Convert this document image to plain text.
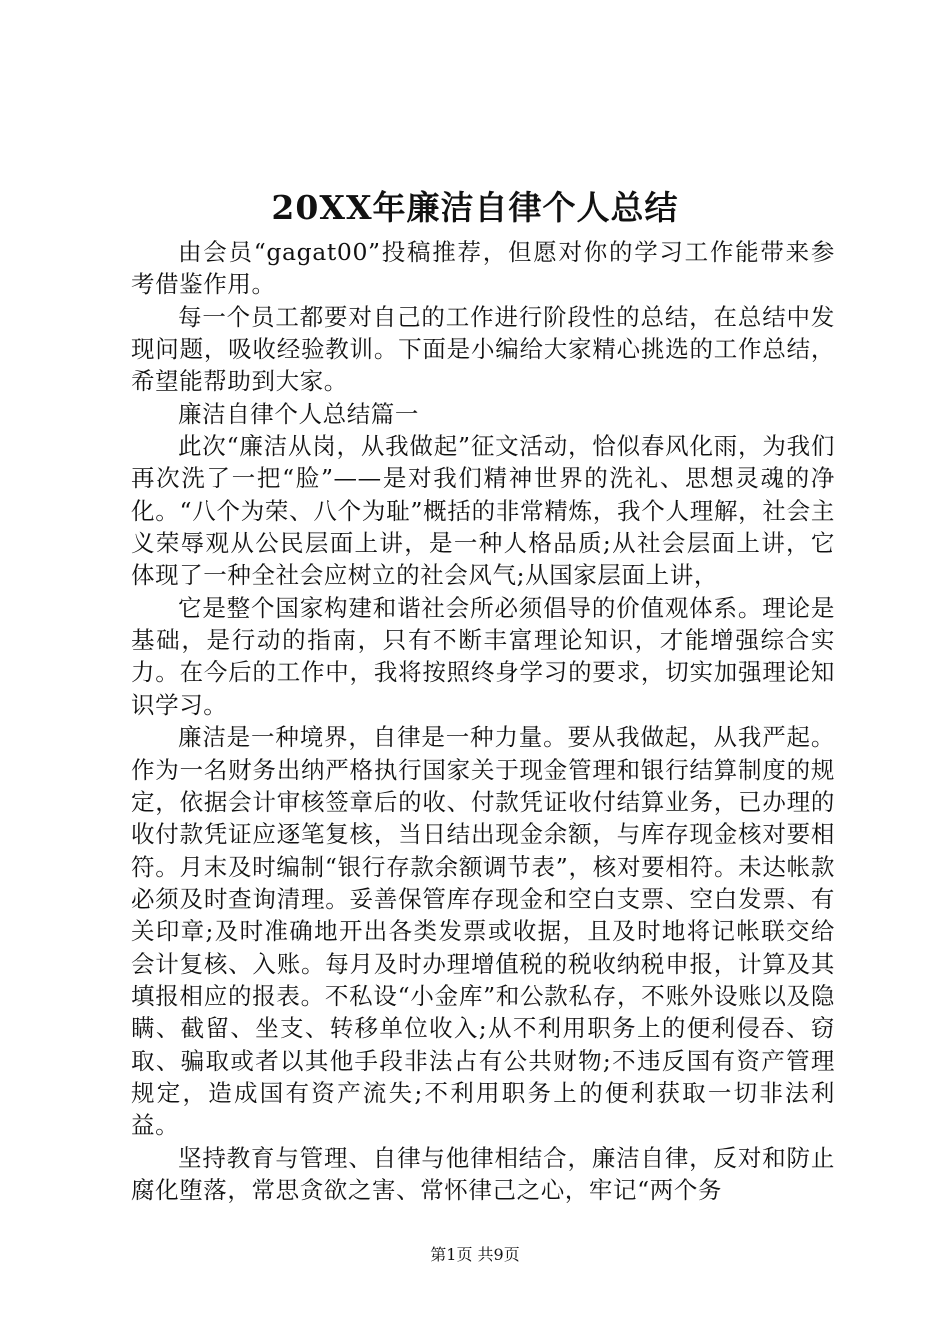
20XX年廉洁自律个人总结

由会员“gagat00”投稿推荐，但愿对你的学习工作能带来参考借鉴作用。

每一个员工都要对自己的工作进行阶段性的总结，在总结中发现问题，吸收经验教训。下面是小编给大家精心挑选的工作总结，希望能帮助到大家。

廉洁自律个人总结篇一

此次“廉洁从岗，从我做起”征文活动，恰似春风化雨，为我们再次洗了一把“脸”——是对我们精神世界的洗礼、思想灵魂的净化。“八个为荣、八个为耻”概括的非常精炼，我个人理解，社会主义荣辱观从公民层面上讲，是一种人格品质;从社会层面上讲，它体现了一种全社会应树立的社会风气;从国家层面上讲，

它是整个国家构建和谐社会所必须倡导的价值观体系。理论是基础，是行动的指南，只有不断丰富理论知识，才能增强综合实力。在今后的工作中，我将按照终身学习的要求，切实加强理论知识学习。

廉洁是一种境界，自律是一种力量。要从我做起，从我严起。作为一名财务出纳严格执行国家关于现金管理和银行结算制度的规定，依据会计审核签章后的收、付款凭证收付结算业务，已办理的收付款凭证应逐笔复核，当日结出现金余额，与库存现金核对要相符。月末及时编制“银行存款余额调节表”，核对要相符。未达帐款必须及时查询清理。妥善保管库存现金和空白支票、空白发票、有关印章;及时准确地开出各类发票或收据，且及时地将记帐联交给会计复核、入账。每月及时办理增值税的税收纳税申报，计算及其填报相应的报表。不私设“小金库”和公款私存，不账外设账以及隐瞒、截留、坐支、转移单位收入;从不利用职务上的便利侵吞、窃取、骗取或者以其他手段非法占有公共财物;不违反国有资产管理规定，造成国有资产流失;不利用职务上的便利获取一切非法利益。

坚持教育与管理、自律与他律相结合，廉洁自律，反对和防止腐化堕落，常思贪欲之害、常怀律己之心，牢记“两个务

第1页 共9页
